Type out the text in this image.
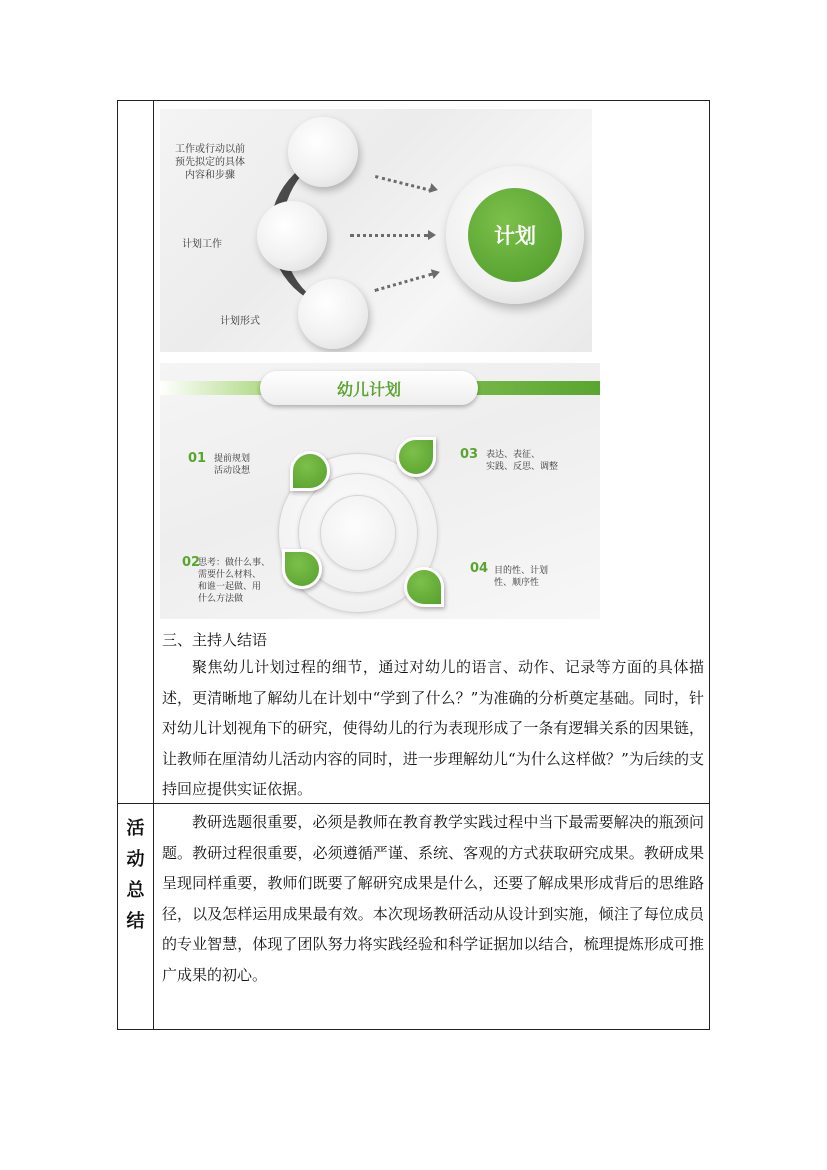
工作或行动以前
预先拟定的具体
内容和步骤
计划工作
计划形式
计划
幼儿计划
01 提前规划
活动设想
02
思考：做什么事、
需要什么材料、
和谁一起做、用
什么方法做
03 表达、表征、
实践、反思、调整
04 目的性、计划
性、顺序性
三、主持人结语

聚焦幼儿计划过程的细节，通过对幼儿的语言、动作、记录等方面的具体描述，更清晰地了解幼儿在计划中“学到了什么？”为准确的分析奠定基础。同时，针对幼儿计划视角下的研究，使得幼儿的行为表现形成了一条有逻辑关系的因果链，让教师在厘清幼儿活动内容的同时，进一步理解幼儿“为什么这样做？”为后续的支持回应提供实证依据。

活
动
总
结

教研选题很重要，必须是教师在教育教学实践过程中当下最需要解决的瓶颈问题。教研过程很重要，必须遵循严谨、系统、客观的方式获取研究成果。教研成果呈现同样重要，教师们既要了解研究成果是什么，还要了解成果形成背后的思维路径，以及怎样运用成果最有效。本次现场教研活动从设计到实施，倾注了每位成员的专业智慧，体现了团队努力将实践经验和科学证据加以结合，梳理提炼形成可推广成果的初心。
